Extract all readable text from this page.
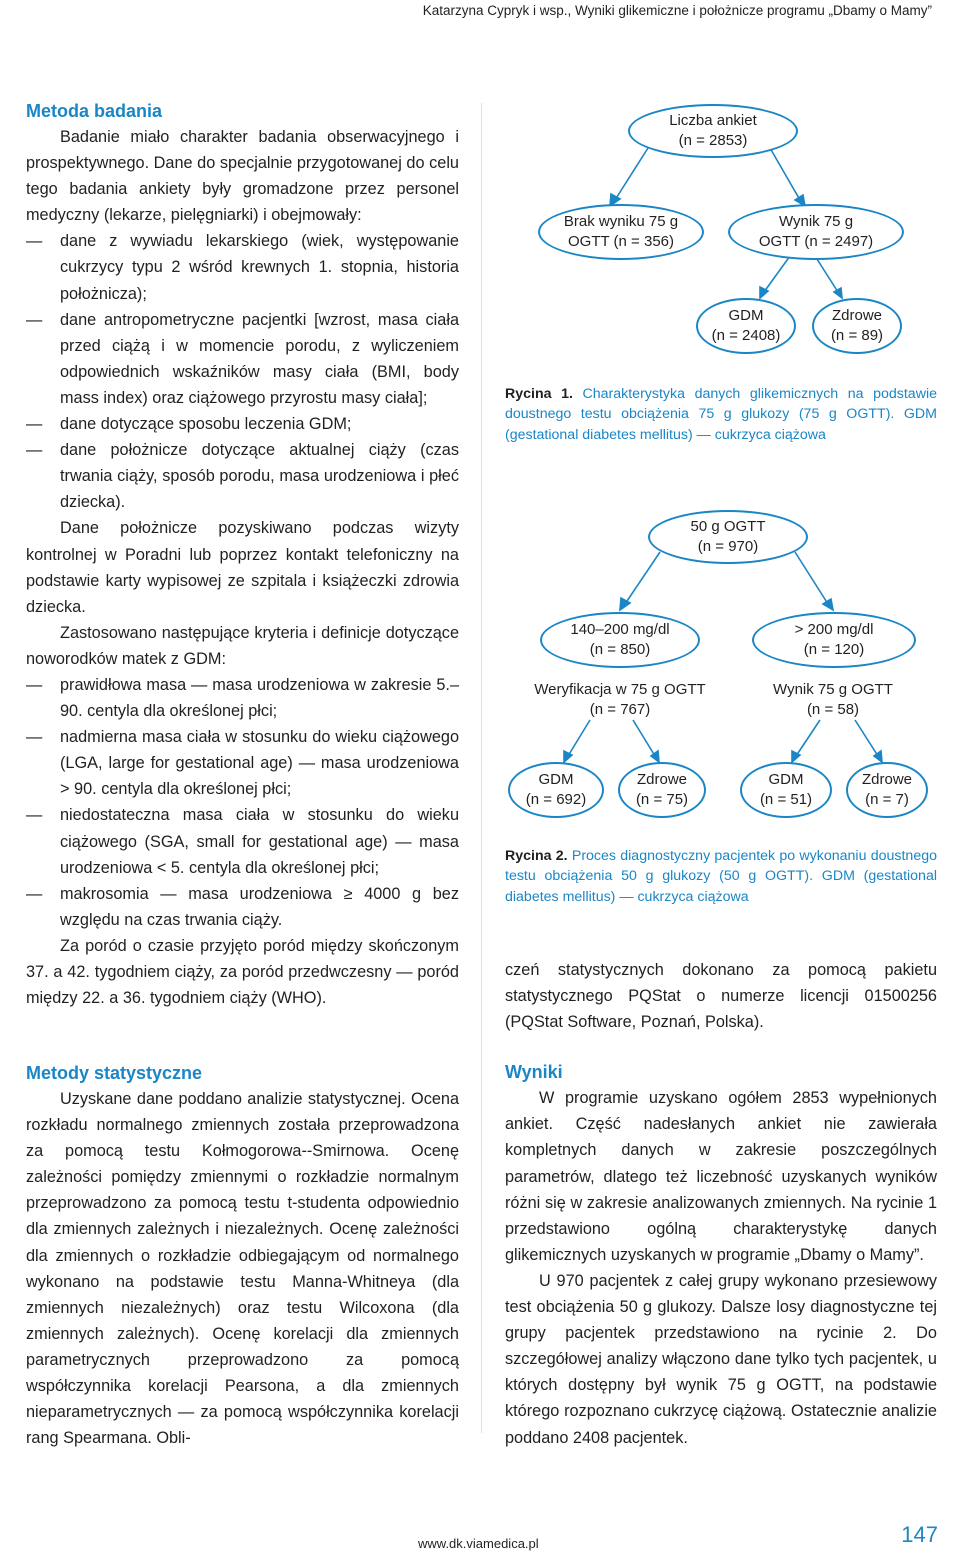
Katarzyna Cypryk i wsp., Wyniki glikemiczne i położnicze programu „Dbamy o Mamy”
Metoda badania

Badanie miało charakter badania obserwacyjnego i prospektywnego. Dane do specjalnie przygotowanej do celu tego badania ankiety były gromadzone przez personel medyczny (lekarze, pielęgniarki) i obejmowały:

— dane z wywiadu lekarskiego (wiek, występowanie cukrzycy typu 2 wśród krewnych 1. stopnia, historia położnicza);
— dane antropometryczne pacjentki [wzrost, masa ciała przed ciążą i w momencie porodu, z wyliczeniem odpowiednich wskaźników masy ciała (BMI, body mass index) oraz ciążowego przyrostu masy ciała];
— dane dotyczące sposobu leczenia GDM;
— dane położnicze dotyczące aktualnej ciąży (czas trwania ciąży, sposób porodu, masa urodzeniowa i płeć dziecka).

Dane położnicze pozyskiwano podczas wizyty kontrolnej w Poradni lub poprzez kontakt telefoniczny na podstawie karty wypisowej ze szpitala i książeczki zdrowia dziecka.

Zastosowano następujące kryteria i definicje dotyczące noworodków matek z GDM:

— prawidłowa masa — masa urodzeniowa w zakresie 5.–90. centyla dla określonej płci;
— nadmierna masa ciała w stosunku do wieku ciążowego (LGA, large for gestational age) — masa urodzeniowa > 90. centyla dla określonej płci;
— niedostateczna masa ciała w stosunku do wieku ciążowego (SGA, small for gestational age) — masa urodzeniowa < 5. centyla dla określonej płci;
— makrosomia — masa urodzeniowa ≥ 4000 g bez względu na czas trwania ciąży.

Za poród o czasie przyjęto poród między skończonym 37. a 42. tygodniem ciąży, za poród przedwczesny — poród między 22. a 36. tygodniem ciąży (WHO).

Metody statystyczne

Uzyskane dane poddano analizie statystycznej. Ocena rozkładu normalnego zmiennych została przeprowadzona za pomocą testu Kołmogorowa--Smirnowa. Ocenę zależności pomiędzy zmiennymi o rozkładzie normalnym przeprowadzono za pomocą testu t-studenta odpowiednio dla zmiennych zależnych i niezależnych. Ocenę zależności dla zmiennych o rozkładzie odbiegającym od normalnego wykonano na podstawie testu Manna-Whitneya (dla zmiennych niezależnych) oraz testu Wilcoxona (dla zmiennych zależnych). Ocenę korelacji dla zmiennych parametrycznych przeprowadzono za pomocą współczynnika korelacji Pearsona, a dla zmiennych nieparametrycznych — za pomocą współczynnika korelacji rang Spearmana. Obli-

Liczba ankiet
(n = 2853)
Brak wyniku 75 g
OGTT (n = 356)
Wynik 75 g
OGTT (n = 2497)
GDM
(n = 2408)
Zdrowe
(n = 89)
Rycina 1. Charakterystyka danych glikemicznych na podstawie doustnego testu obciążenia 75 g glukozy (75 g OGTT). GDM (gestational diabetes mellitus) — cukrzyca ciążowa
50 g OGTT
(n = 970)
140–200 mg/dl
(n = 850)
> 200 mg/dl
(n = 120)
Weryfikacja w 75 g OGTT
(n = 767)
Wynik 75 g OGTT
(n = 58)
GDM
(n = 692)
Zdrowe
(n = 75)
GDM
(n = 51)
Zdrowe
(n = 7)
Rycina 2. Proces diagnostyczny pacjentek po wykonaniu doustnego testu obciążenia 50 g glukozy (50 g OGTT). GDM (gestational diabetes mellitus) — cukrzyca ciążowa

czeń statystycznych dokonano za pomocą pakietu statystycznego PQStat o numerze licencji 01500256 (PQStat Software, Poznań, Polska).

Wyniki

W programie uzyskano ogółem 2853 wypełnionych ankiet. Część nadesłanych ankiet nie zawierała kompletnych danych w zakresie poszczególnych parametrów, dlatego też liczebność uzyskanych wyników różni się w zakresie analizowanych zmiennych. Na rycinie 1 przedstawiono ogólną charakterystykę danych glikemicznych uzyskanych w programie „Dbamy o Mamy”.

U 970 pacjentek z całej grupy wykonano przesiewowy test obciążenia 50 g glukozy. Dalsze losy diagnostyczne tej grupy pacjentek przedstawiono na rycinie 2. Do szczegółowej analizy włączono dane tylko tych pacjentek, u których dostępny był wynik 75 g OGTT, na podstawie którego rozpoznano cukrzycę ciążową. Ostatecznie analizie poddano 2408 pacjentek.

www.dk.viamedica.pl	147
